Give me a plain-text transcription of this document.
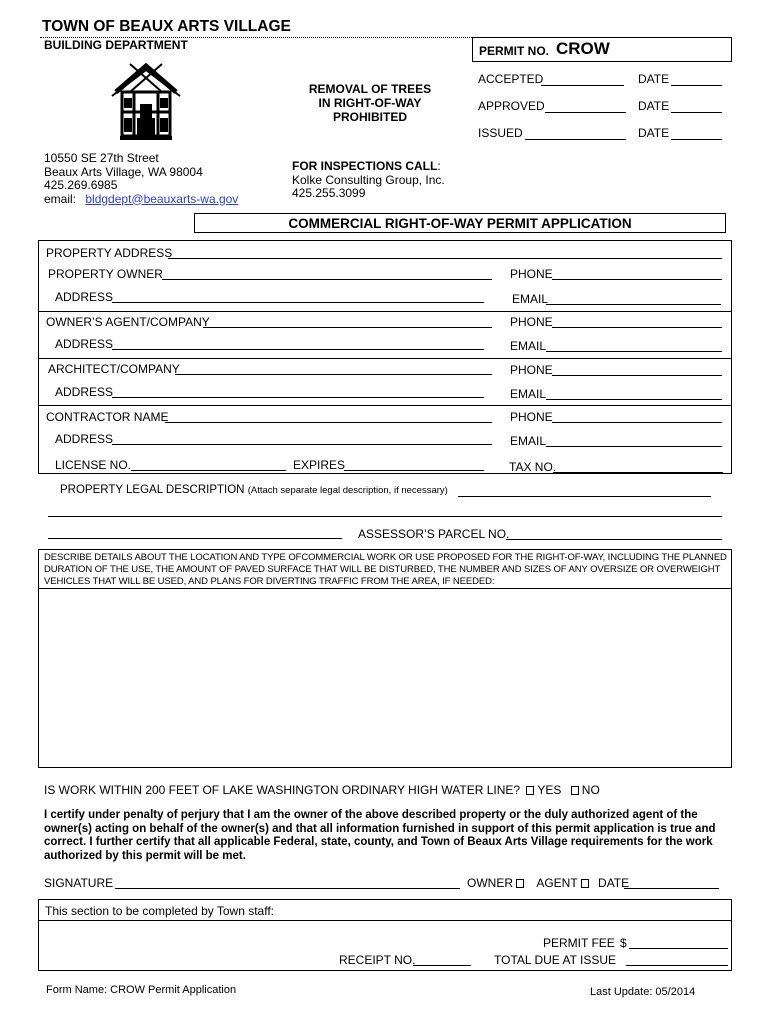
TOWN OF BEAUX ARTS VILLAGE
BUILDING DEPARTMENT
REMOVAL OF TREES
IN RIGHT-OF-WAY
PROHIBITED
10550 SE 27th Street
Beaux Arts Village, WA 98004
425.269.6985
email: bldgdept@beauxarts-wa.gov
FOR INSPECTIONS CALL:
Kolke Consulting Group, Inc.
425.255.3099
PERMIT NO. CROW
ACCEPTED	DATE
APPROVED	DATE
ISSUED	DATE
COMMERCIAL RIGHT-OF-WAY PERMIT APPLICATION
PROPERTY ADDRESS
PROPERTY OWNER	PHONE
ADDRESS	EMAIL
OWNER’S AGENT/COMPANY	PHONE
ADDRESS	EMAIL
ARCHITECT/COMPANY	PHONE
ADDRESS	EMAIL
CONTRACTOR NAME	PHONE
ADDRESS	EMAIL
LICENSE NO.	EXPIRES	TAX NO.
PROPERTY LEGAL DESCRIPTION (Attach separate legal description, if necessary)
ASSESSOR’S PARCEL NO.
DESCRIBE DETAILS ABOUT THE LOCATION AND TYPE OFCOMMERCIAL WORK OR USE PROPOSED FOR THE RIGHT-OF-WAY, INCLUDING THE PLANNED DURATION OF THE USE, THE AMOUNT OF PAVED SURFACE THAT WILL BE DISTURBED, THE NUMBER AND SIZES OF ANY OVERSIZE OR OVERWEIGHT VEHICLES THAT WILL BE USED, AND PLANS FOR DIVERTING TRAFFIC FROM THE AREA, IF NEEDED:
IS WORK WITHIN 200 FEET OF LAKE WASHINGTON ORDINARY HIGH WATER LINE? YES NO
I certify under penalty of perjury that I am the owner of the above described property or the duly authorized agent of the owner(s) acting on behalf of the owner(s) and that all information furnished in support of this permit application is true and correct. I further certify that all applicable Federal, state, county, and Town of Beaux Arts Village requirements for the work authorized by this permit will be met.
SIGNATURE	OWNER AGENT DATE
This section to be completed by Town staff:
PERMIT FEE $
RECEIPT NO.	TOTAL DUE AT ISSUE
Form Name: CROW Permit Application	Last Update: 05/2014
